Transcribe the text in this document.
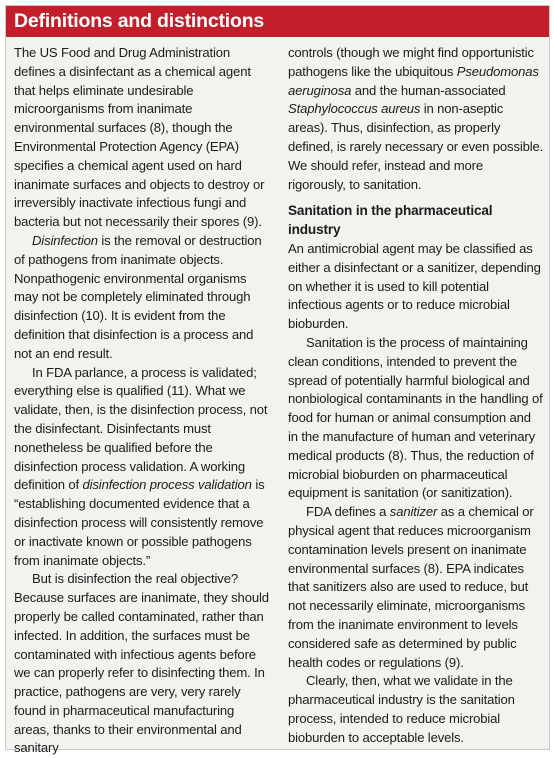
Definitions and distinctions

The US Food and Drug Administration defines a disinfectant as a chemical agent that helps eliminate undesirable microorganisms from inanimate environmental surfaces (8), though the Environmental Protection Agency (EPA) specifies a chemical agent used on hard inanimate surfaces and objects to destroy or irreversibly inactivate infectious fungi and bacteria but not necessarily their spores (9).

Disinfection is the removal or destruction of pathogens from inanimate objects. Nonpathogenic environmental organisms may not be completely eliminated through disinfection (10). It is evident from the definition that disinfection is a process and not an end result.

In FDA parlance, a process is validated; everything else is qualified (11). What we validate, then, is the disinfection process, not the disinfectant. Disinfectants must nonetheless be qualified before the disinfection process validation. A working definition of disinfection process validation is “establishing documented evidence that a disinfection process will consistently remove or inactivate known or possible pathogens from inanimate objects.”

But is disinfection the real objective? Because surfaces are inanimate, they should properly be called contaminated, rather than infected. In addition, the surfaces must be contaminated with infectious agents before we can properly refer to disinfecting them. In practice, pathogens are very, very rarely found in pharmaceutical manufacturing areas, thanks to their environmental and sanitary

controls (though we might find opportunistic pathogens like the ubiquitous Pseudomonas aeruginosa and the human-associated Staphylococcus aureus in non-aseptic areas). Thus, disinfection, as properly defined, is rarely necessary or even possible. We should refer, instead and more rigorously, to sanitation.

Sanitation in the pharmaceutical industry

An antimicrobial agent may be classified as either a disinfectant or a sanitizer, depending on whether it is used to kill potential infectious agents or to reduce microbial bioburden.

Sanitation is the process of maintaining clean conditions, intended to prevent the spread of potentially harmful biological and nonbiological contaminants in the handling of food for human or animal consumption and in the manufacture of human and veterinary medical products (8). Thus, the reduction of microbial bioburden on pharmaceutical equipment is sanitation (or sanitization).

FDA defines a sanitizer as a chemical or physical agent that reduces microorganism contamination levels present on inanimate environmental surfaces (8). EPA indicates that sanitizers also are used to reduce, but not necessarily eliminate, microorganisms from the inanimate environment to levels considered safe as determined by public health codes or regulations (9).

Clearly, then, what we validate in the pharmaceutical industry is the sanitation process, intended to reduce microbial bioburden to acceptable levels.
